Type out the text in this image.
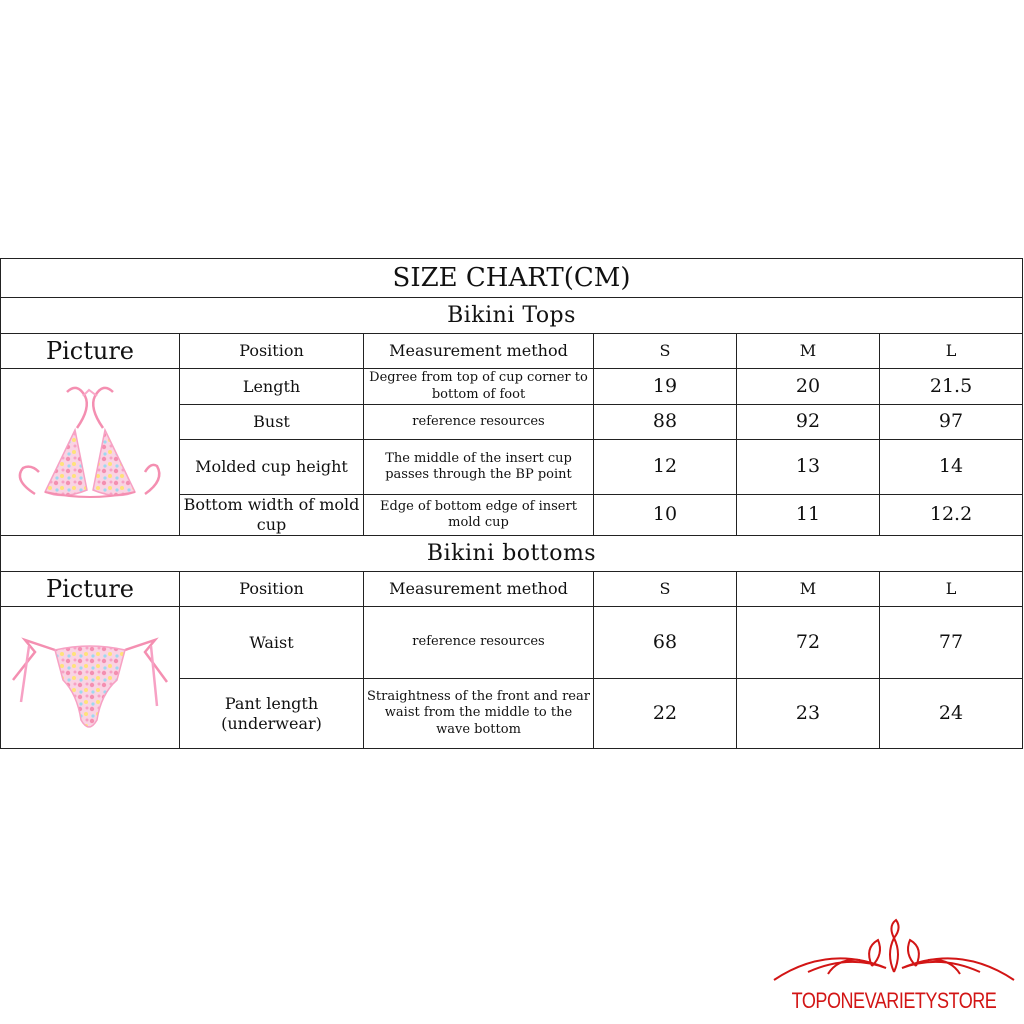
SIZE CHART(CM)					
Bikini Tops					
Picture	Position	Measurement method	S	M	L

	Length	Degree from top of cup corner to bottom of foot	19	20	21.5
	Bust	reference resources	88	92	97
	Molded cup height	The middle of the insert cup passes through the BP point	12	13	14
	Bottom width of mold cup	Edge of bottom edge of insert mold cup	10	11	12.2
Bikini bottoms					
Picture	Position	Measurement method	S	M	L

	Waist	reference resources	68	72	77
	Pant length (underwear)	Straightness of the front and rear waist from the middle to the wave bottom	22	23	24
TOPONEVARIETYSTORE
